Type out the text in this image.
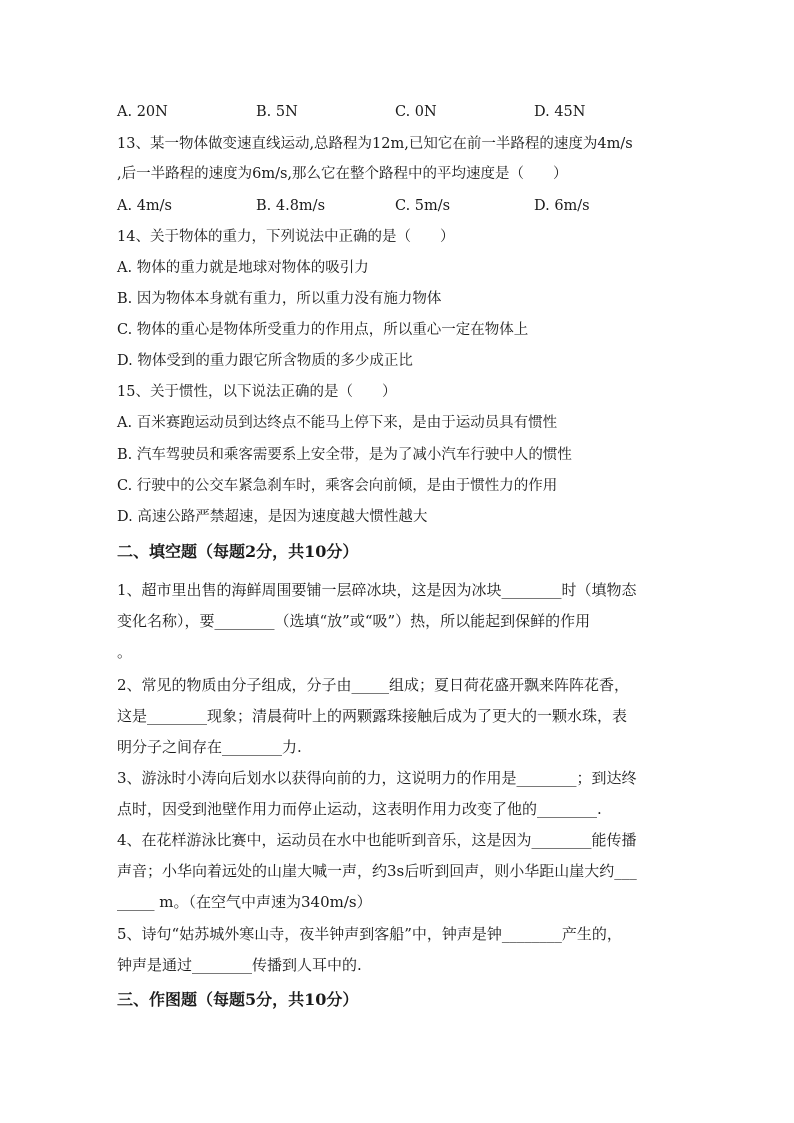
A. 20N	B. 5N	C. 0N	D. 45N
13、某一物体做变速直线运动,总路程为12m,已知它在前一半路程的速度为4m/s
,后一半路程的速度为6m/s,那么它在整个路程中的平均速度是（　　）
A. 4m/s	B. 4.8m/s	C. 5m/s	D. 6m/s
14、关于物体的重力，下列说法中正确的是（　　）
A. 物体的重力就是地球对物体的吸引力
B. 因为物体本身就有重力，所以重力没有施力物体
C. 物体的重心是物体所受重力的作用点，所以重心一定在物体上
D. 物体受到的重力跟它所含物质的多少成正比
15、关于惯性，以下说法正确的是（　　）
A. 百米赛跑运动员到达终点不能马上停下来，是由于运动员具有惯性
B. 汽车驾驶员和乘客需要系上安全带，是为了减小汽车行驶中人的惯性
C. 行驶中的公交车紧急刹车时，乘客会向前倾，是由于惯性力的作用
D. 高速公路严禁超速，是因为速度越大惯性越大
二、填空题（每题2分，共10分）
1、超市里出售的海鲜周围要铺一层碎冰块，这是因为冰块________时（填物态
变化名称），要________（选填“放”或“吸”）热，所以能起到保鲜的作用
。
2、常见的物质由分子组成，分子由_____组成；夏日荷花盛开飘来阵阵花香，
这是________现象；清晨荷叶上的两颗露珠接触后成为了更大的一颗水珠，表
明分子之间存在________力.
3、游泳时小涛向后划水以获得向前的力，这说明力的作用是________；到达终
点时，因受到池壁作用力而停止运动，这表明作用力改变了他的________.
4、在花样游泳比赛中，运动员在水中也能听到音乐，这是因为________能传播
声音；小华向着远处的山崖大喊一声，约3s后听到回声，则小华距山崖大约___
_____ m。（在空气中声速为340m/s）
5、诗句“姑苏城外寒山寺，夜半钟声到客船”中，钟声是钟________产生的，
钟声是通过________传播到人耳中的.
三、作图题（每题5分，共10分）
